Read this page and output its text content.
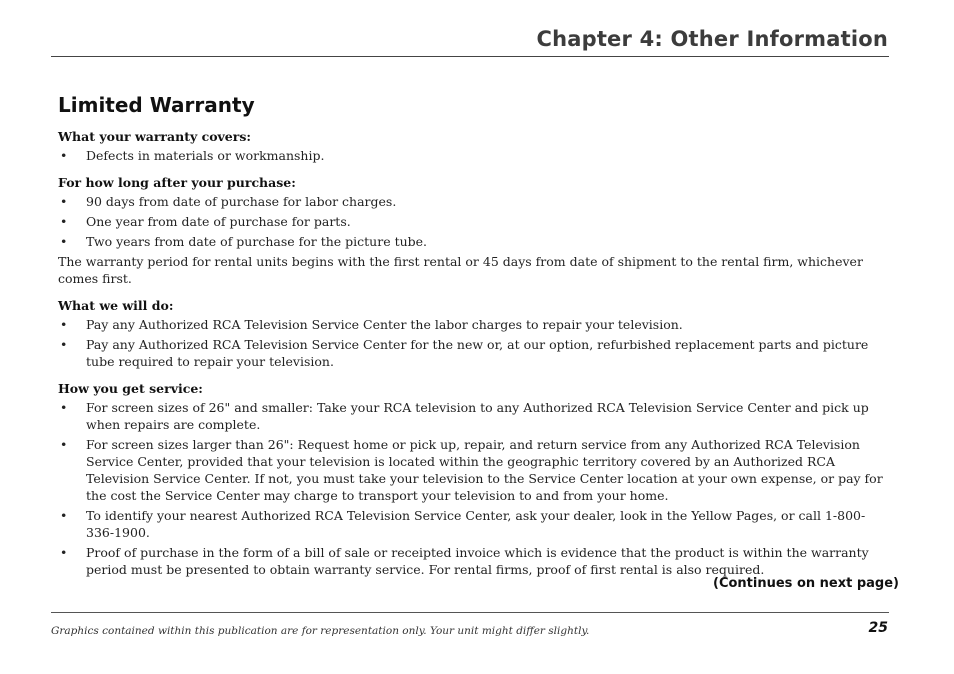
Chapter 4: Other Information
Limited Warranty
What your warranty covers:
• Defects in materials or workmanship.
For how long after your purchase:
• 90 days from date of purchase for labor charges.
• One year from date of purchase for parts.
• Two years from date of purchase for the picture tube.

The warranty period for rental units begins with the first rental or 45 days from date of shipment to the rental firm, whichever comes first.

What we will do:
• Pay any Authorized RCA Television Service Center the labor charges to repair your television.
• Pay any Authorized RCA Television Service Center for the new or, at our option, refurbished replacement parts and picture tube required to repair your television.
How you get service:
• For screen sizes of 26" and smaller: Take your RCA television to any Authorized RCA Television Service Center and pick up when repairs are complete.
• For screen sizes larger than 26": Request home or pick up, repair, and return service from any Authorized RCA Television Service Center, provided that your television is located within the geographic territory covered by an Authorized RCA Television Service Center. If not, you must take your television to the Service Center location at your own expense, or pay for the cost the Service Center may charge to transport your television to and from your home.
• To identify your nearest Authorized RCA Television Service Center, ask your dealer, look in the Yellow Pages, or call 1-800-336-1900.
• Proof of purchase in the form of a bill of sale or receipted invoice which is evidence that the product is within the warranty period must be presented to obtain warranty service. For rental firms, proof of first rental is also required.

(Continues on next page)

Graphics contained within this publication are for representation only. Your unit might differ slightly.	25
